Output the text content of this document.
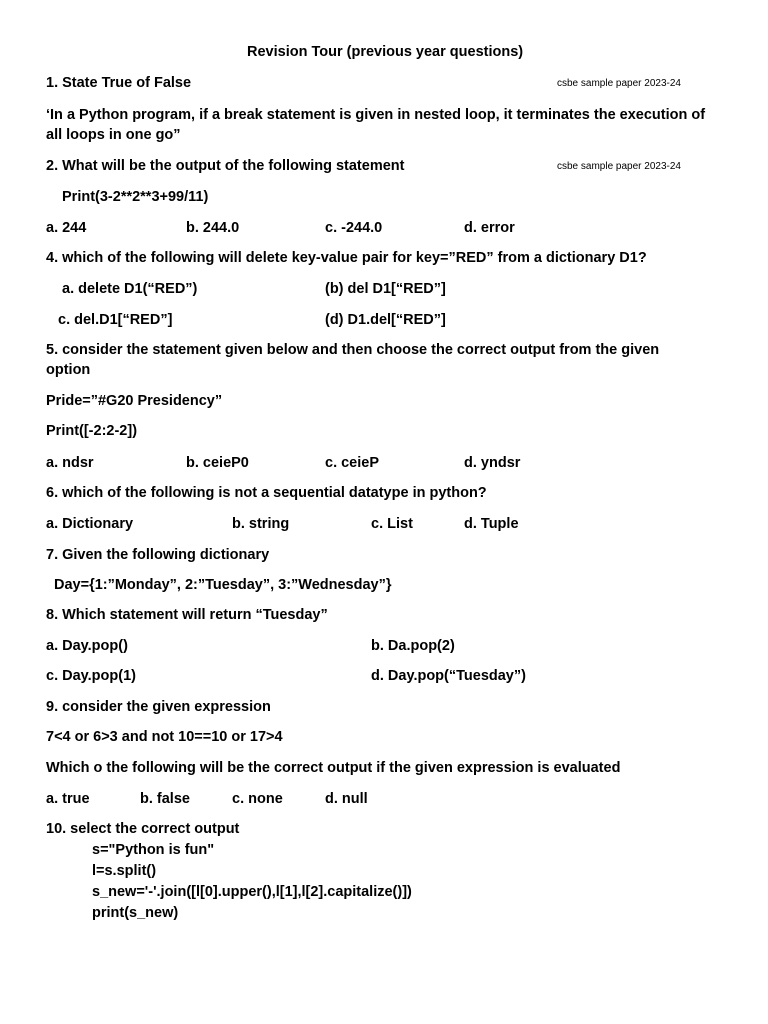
Revision Tour (previous year questions)
1. State True of False	csbe sample paper 2023-24
‘In a Python program, if a break statement is given in nested loop, it terminates the execution of
all loops in one go”
2. What will be the output of the following statement	csbe sample paper 2023-24
Print(3-2**2**3+99/11)
a. 244	b. 244.0	c. -244.0	d. error
4. which of the following will delete key-value pair for key=”RED” from a dictionary D1?
a. delete D1(“RED”)	(b) del D1[“RED”]
c. del.D1[“RED”]	(d) D1.del[“RED”]
5. consider the statement given below and then choose the correct output from the given
option
Pride=”#G20 Presidency”
Print([-2:2-2])
a. ndsr	b. ceieP0	c. ceieP	d. yndsr
6. which of the following is not a sequential datatype in python?
a. Dictionary	b. string	c. List	d. Tuple
7. Given the following dictionary
Day={1:”Monday”, 2:”Tuesday”, 3:”Wednesday”}
8. Which statement will return “Tuesday”
a. Day.pop()	b. Da.pop(2)
c. Day.pop(1)	d. Day.pop(“Tuesday”)
9. consider the given expression
7<4 or 6>3 and not 10==10 or 17>4
Which o the following will be the correct output if the given expression is evaluated
a. true	b. false	c. none	d. null
10. select the correct output
s="Python is fun"
l=s.split()
s_new='-'.join([l[0].upper(),l[1],l[2].capitalize()])
print(s_new)
